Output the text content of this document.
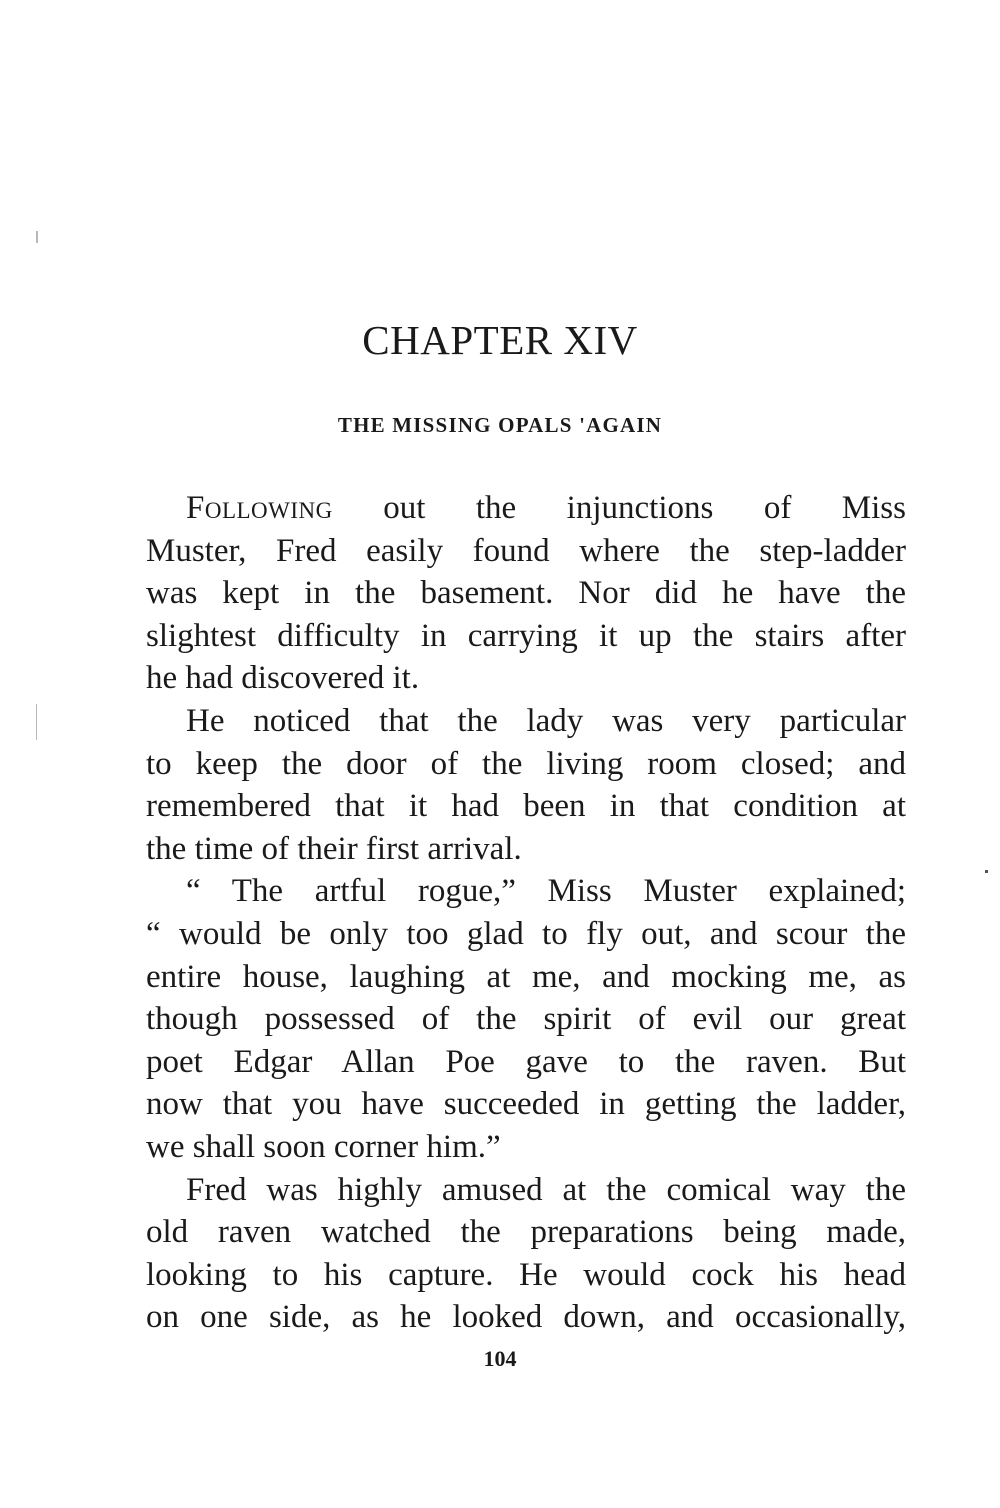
CHAPTER XIV
THE MISSING OPALS 'AGAIN

Following out the injunctions of Miss
Muster, Fred easily found where the step-ladder
was kept in the basement. Nor did he have the
slightest difficulty in carrying it up the stairs after
he had discovered it.

He noticed that the lady was very particular
to keep the door of the living room closed; and
remembered that it had been in that condition at
the time of their first arrival.

“ The artful rogue,” Miss Muster explained;
“ would be only too glad to fly out, and scour the
entire house, laughing at me, and mocking me, as
though possessed of the spirit of evil our great
poet Edgar Allan Poe gave to the raven. But
now that you have succeeded in getting the ladder,
we shall soon corner him.”

Fred was highly amused at the comical way the
old raven watched the preparations being made,
looking to his capture. He would cock his head
on one side, as he looked down, and occasionally,

104
